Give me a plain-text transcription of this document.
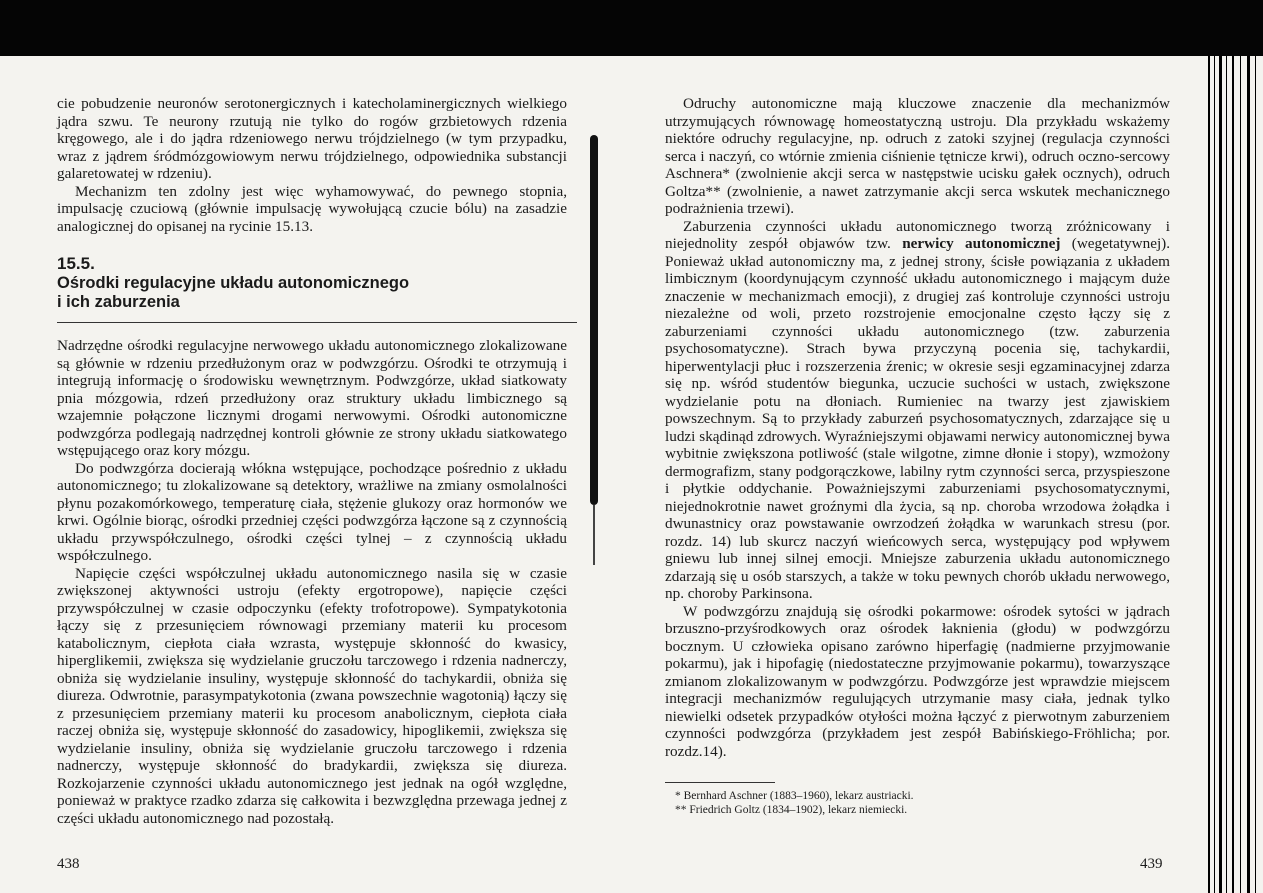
cie pobudzenie neuronów serotonergicznych i katecholaminergicznych wielkiego jądra szwu. Te neurony rzutują nie tylko do rogów grzbietowych rdzenia kręgowego, ale i do jądra rdzeniowego nerwu trójdzielnego (w tym przypadku, wraz z jądrem śródmózgowiowym nerwu trójdzielnego, odpowiednika substancji galaretowatej w rdzeniu).

Mechanizm ten zdolny jest więc wyhamowywać, do pewnego stopnia, impulsację czuciową (głównie impulsację wywołującą czucie bólu) na zasadzie analogicznej do opisanej na rycinie 15.13.

15.5.
Ośrodki regulacyjne układu autonomicznego
i ich zaburzenia

Nadrzędne ośrodki regulacyjne nerwowego układu autonomicznego zlokalizowane są głównie w rdzeniu przedłużonym oraz w podwzgórzu. Ośrodki te otrzymują i integrują informację o środowisku wewnętrznym. Podwzgórze, układ siatkowaty pnia mózgowia, rdzeń przedłużony oraz struktury układu limbicznego są wzajemnie połączone licznymi drogami nerwowymi. Ośrodki autonomiczne podwzgórza podlegają nadrzędnej kontroli głównie ze strony układu siatkowatego wstępującego oraz kory mózgu.

Do podwzgórza docierają włókna wstępujące, pochodzące pośrednio z układu autonomicznego; tu zlokalizowane są detektory, wrażliwe na zmiany osmolalności płynu pozakomórkowego, temperaturę ciała, stężenie glukozy oraz hormonów we krwi. Ogólnie biorąc, ośrodki przedniej części podwzgórza łączone są z czynnością układu przywspółczulnego, ośrodki części tylnej – z czynnością układu współczulnego.

Napięcie części współczulnej układu autonomicznego nasila się w czasie zwiększonej aktywności ustroju (efekty ergotropowe), napięcie części przywspółczulnej w czasie odpoczynku (efekty trofotropowe). Sympatykotonia łączy się z przesunięciem równowagi przemiany materii ku procesom katabolicznym, ciepłota ciała wzrasta, występuje skłonność do kwasicy, hiperglikemii, zwiększa się wydzielanie gruczołu tarczowego i rdzenia nadnerczy, obniża się wydzielanie insuliny, występuje skłonność do tachykardii, obniża się diureza. Odwrotnie, parasympatykotonia (zwana powszechnie wagotonią) łączy się z przesunięciem przemiany materii ku procesom anabolicznym, ciepłota ciała raczej obniża się, występuje skłonność do zasadowicy, hipoglikemii, zwiększa się wydzielanie insuliny, obniża się wydzielanie gruczołu tarczowego i rdzenia nadnerczy, występuje skłonność do bradykardii, zwiększa się diureza. Rozkojarzenie czynności układu autonomicznego jest jednak na ogół względne, ponieważ w praktyce rzadko zdarza się całkowita i bezwzględna przewaga jednej z części układu autonomicznego nad pozostałą.

438

Odruchy autonomiczne mają kluczowe znaczenie dla mechanizmów utrzymujących równowagę homeostatyczną ustroju. Dla przykładu wskażemy niektóre odruchy regulacyjne, np. odruch z zatoki szyjnej (regulacja czynności serca i naczyń, co wtórnie zmienia ciśnienie tętnicze krwi), odruch oczno-sercowy Aschnera* (zwolnienie akcji serca w następstwie ucisku gałek ocznych), odruch Goltza** (zwolnienie, a nawet zatrzymanie akcji serca wskutek mechanicznego podrażnienia trzewi).

Zaburzenia czynności układu autonomicznego tworzą zróżnicowany i niejednolity zespół objawów tzw. nerwicy autonomicznej (wegetatywnej). Ponieważ układ autonomiczny ma, z jednej strony, ścisłe powiązania z układem limbicznym (koordynującym czynność układu autonomicznego i mającym duże znaczenie w mechanizmach emocji), z drugiej zaś kontroluje czynności ustroju niezależne od woli, przeto rozstrojenie emocjonalne często łączy się z zaburzeniami czynności układu autonomicznego (tzw. zaburzenia psychosomatyczne). Strach bywa przyczyną pocenia się, tachykardii, hiperwentylacji płuc i rozszerzenia źrenic; w okresie sesji egzaminacyjnej zdarza się np. wśród studentów biegunka, uczucie suchości w ustach, zwiększone wydzielanie potu na dłoniach. Rumieniec na twarzy jest zjawiskiem powszechnym. Są to przykłady zaburzeń psychosomatycznych, zdarzające się u ludzi skądinąd zdrowych. Wyraźniejszymi objawami nerwicy autonomicznej bywa wybitnie zwiększona potliwość (stale wilgotne, zimne dłonie i stopy), wzmożony dermografizm, stany podgorączkowe, labilny rytm czynności serca, przyspieszone i płytkie oddychanie. Poważniejszymi zaburzeniami psychosomatycznymi, niejednokrotnie nawet groźnymi dla życia, są np. choroba wrzodowa żołądka i dwunastnicy oraz powstawanie owrzodzeń żołądka w warunkach stresu (por. rozdz. 14) lub skurcz naczyń wieńcowych serca, występujący pod wpływem gniewu lub innej silnej emocji. Mniejsze zaburzenia układu autonomicznego zdarzają się u osób starszych, a także w toku pewnych chorób układu nerwowego, np. choroby Parkinsona.

W podwzgórzu znajdują się ośrodki pokarmowe: ośrodek sytości w jądrach brzuszno-przyśrodkowych oraz ośrodek łaknienia (głodu) w podwzgórzu bocznym. U człowieka opisano zarówno hiperfagię (nadmierne przyjmowanie pokarmu), jak i hipofagię (niedostateczne przyjmowanie pokarmu), towarzyszące zmianom zlokalizowanym w podwzgórzu. Podwzgórze jest wprawdzie miejscem integracji mechanizmów regulujących utrzymanie masy ciała, jednak tylko niewielki odsetek przypadków otyłości można łączyć z pierwotnym zaburzeniem czynności podwzgórza (przykładem jest zespół Babińskiego-Fröhlicha; por. rozdz.14).

* Bernhard Aschner (1883–1960), lekarz austriacki.
** Friedrich Goltz (1834–1902), lekarz niemiecki.
439
